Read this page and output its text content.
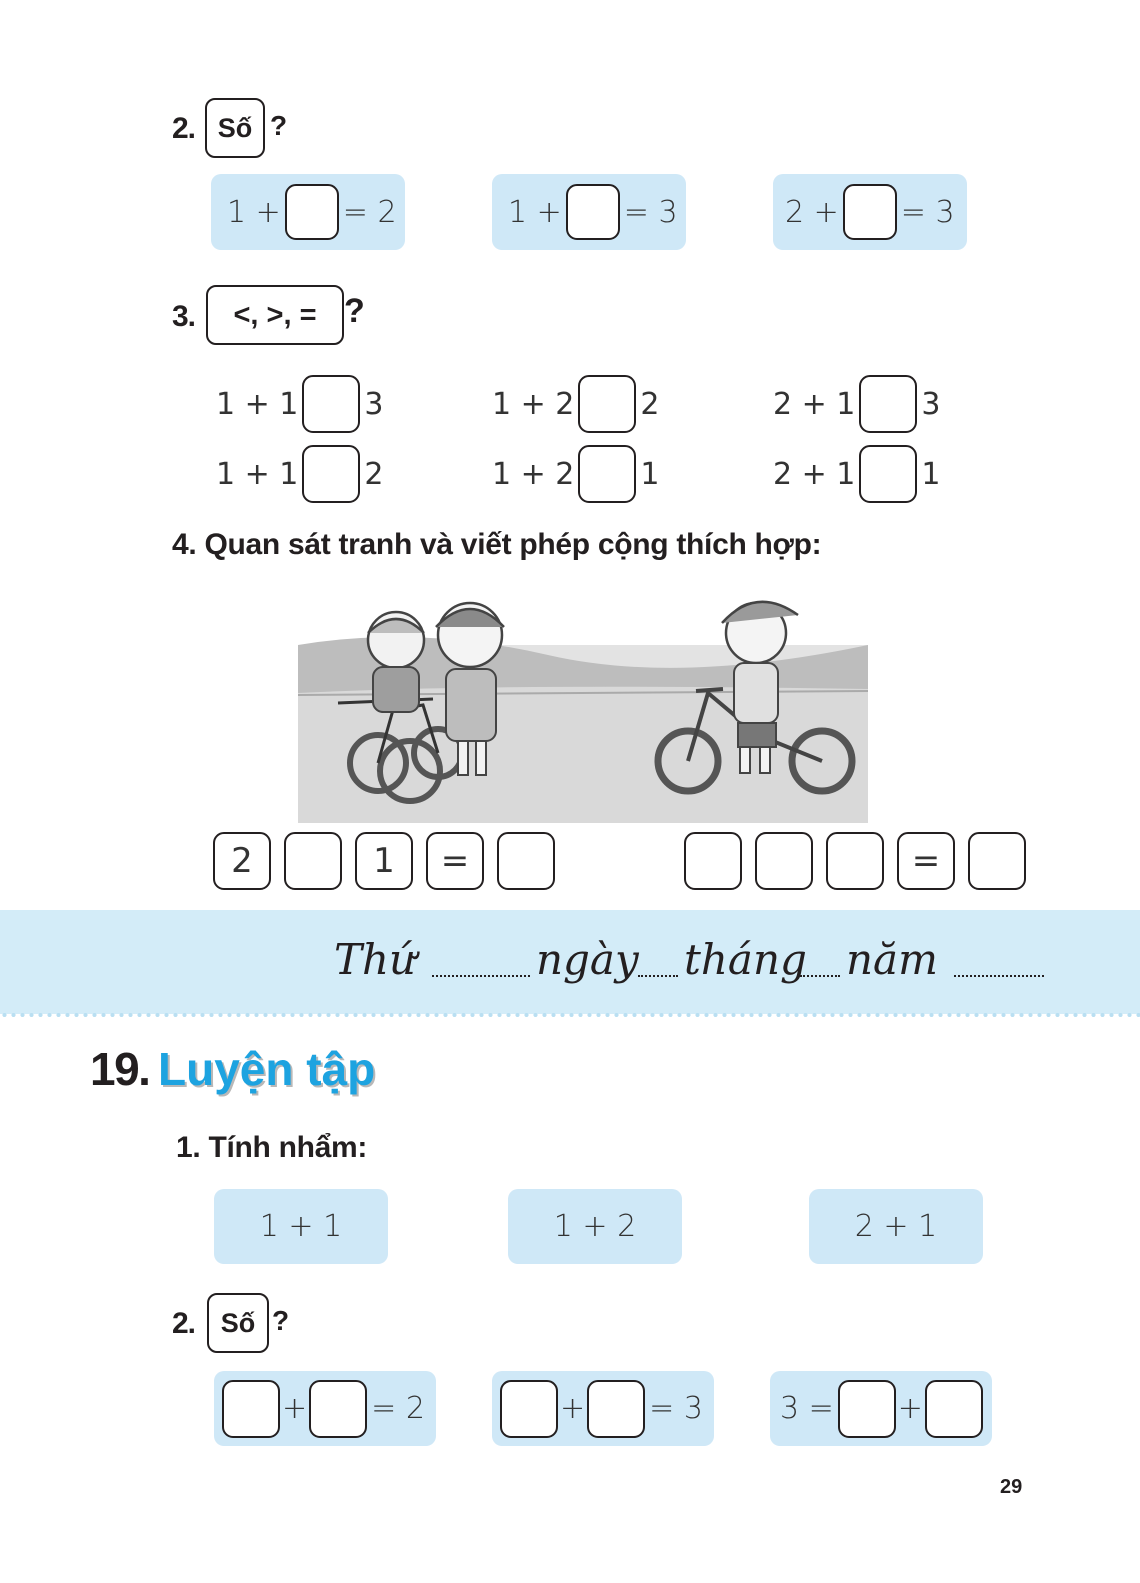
2. Số ?
1 + = 2	1 + = 3	2 + = 3
3.	<, >, = ?
1 + 1 3	1 + 2 2	2 + 1 3
1 + 1 2	1 + 2 1	2 + 1 1
4. Quan sát tranh và viết phép cộng thích hợp:
2	1	=	=
Thứ	ngày tháng năm
19. Luyện tập
1. Tính nhẩm:
1 + 1	1 + 2	2 + 1
2. Số ?
+ = 2	+ = 3	3 = +
29
